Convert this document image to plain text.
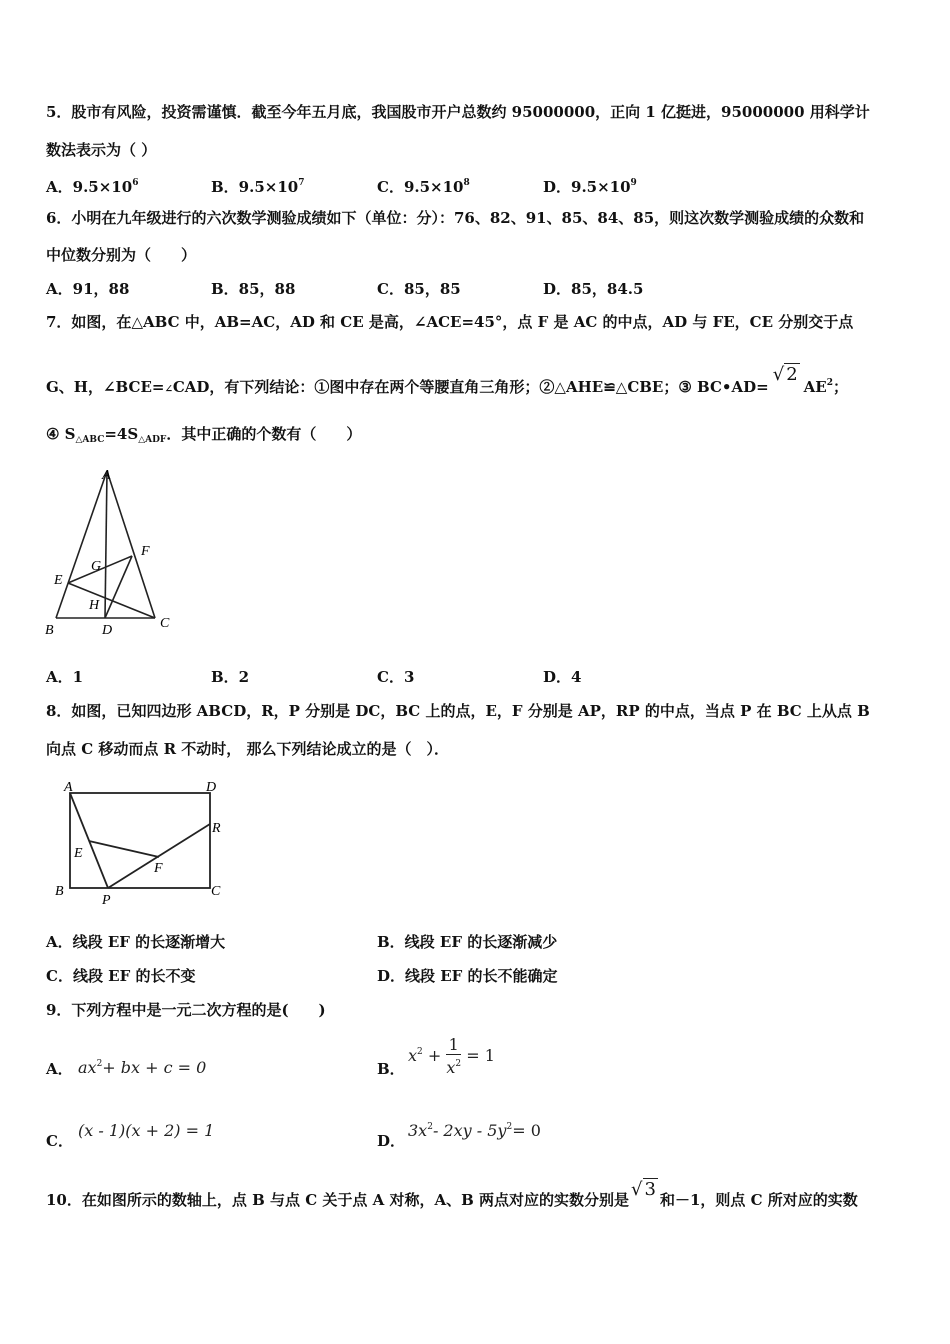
5．股市有风险，投资需谨慎．截至今年五月底，我国股市开户总数约 95000000，正向 1 亿挺进，95000000 用科学计
数法表示为（ ）
A．$9.5\times 10^6$	B．$9.5\times 10^7$	C．$9.5\times 10^8$	D．$9.5\times 10^9$
6．小明在九年级进行的六次数学测验成绩如下（单位：分）：76、82、91、85、84、85，则这次数学测验成绩的众数和
中位数分别为（　　）
A．91，88	B．85，88	C．85，85	D．85，84.5
7．如图，在△ABC 中，AB=AC，AD 和 CE 是高，∠ACE=45°，点 F 是 AC 的中点，AD 与 FE，CE 分别交于点
G、H，∠BCE=∠CAD，有下列结论：①图中存在两个等腰直角三角形；②△AHE≌△CBE；③ BC•AD=√ $2AE^2$；
④ $S_{\triangle ABC}=4S_{\triangle ADF}$．其中正确的个数有（　　）
A
B	C
D
E
F
G
H
A．1	B．2	C．3	D．4
8．如图，已知四边形 ABCD，R，P 分别是 DC，BC 上的点，E，F 分别是 AP，RP 的中点，当点 P 在 BC 上从点 B
向点 C 移动而点 R 不动时， 那么下列结论成立的是（　）．
A	D
R
E
F
B
P
C
A．线段 EF 的长逐渐增大	B．线段 EF 的长逐渐减少
C．线段 EF 的长不变	D．线段 EF 的长不能确定
9．下列方程中是一元二次方程的是(　　)
A． $ax^2+$ bx + c = 0	B．
$x^2 + \frac{1}{x^2} = 1$
C．
(x - 1)(x + 2) = 1
D．
$3x^2-$ $2xy - 5y^2= 0$
10．在如图所示的数轴上，点 B 与点 C 关于点 A 对称，A、B 两点对应的实数分别是 √ 3 和－1，则点 C 所对应的实数
